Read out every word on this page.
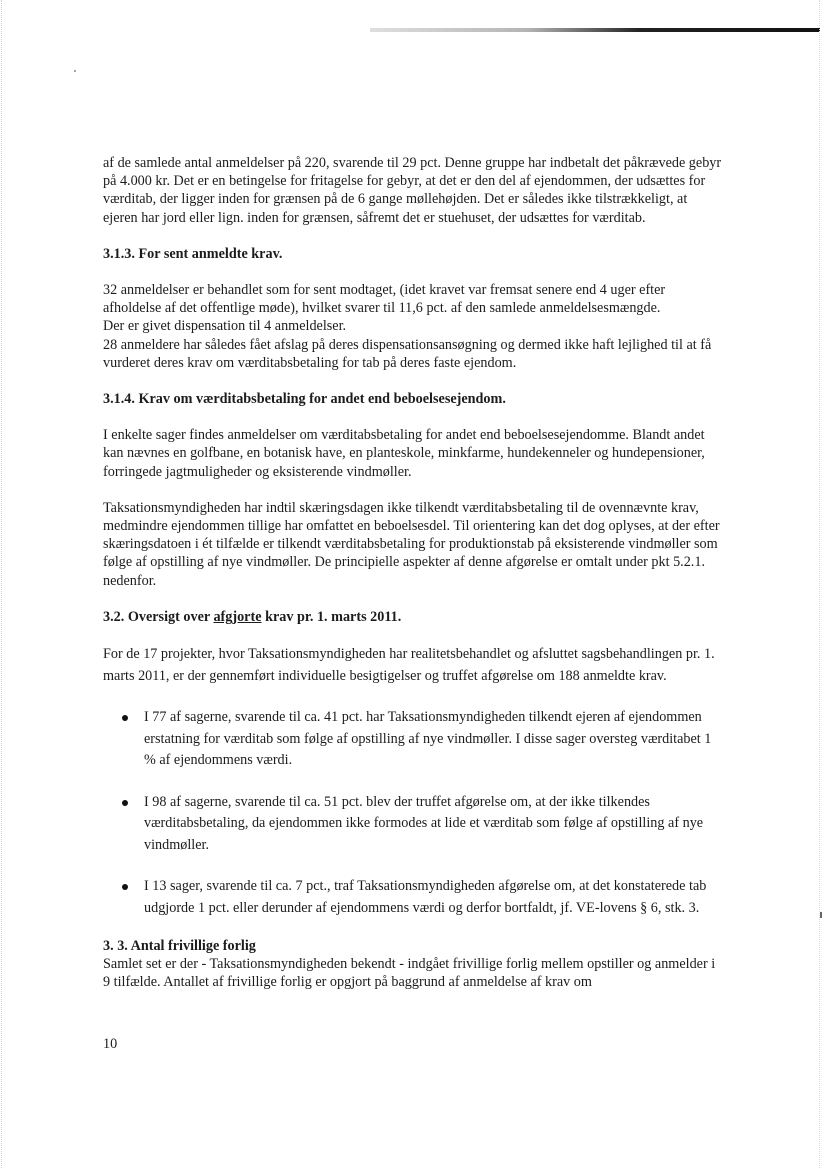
af de samlede antal anmeldelser på 220, svarende til 29 pct. Denne gruppe har indbetalt det påkrævede gebyr på 4.000 kr. Det er en betingelse for fritagelse for gebyr, at det er den del af ejendommen, der udsættes for værditab, der ligger inden for grænsen på de 6 gange møllehøjden. Det er således ikke tilstrækkeligt, at ejeren har jord eller lign. inden for grænsen, såfremt det er stuehuset, der udsættes for værditab.

3.1.3. For sent anmeldte krav.

32 anmeldelser er behandlet som for sent modtaget, (idet kravet var fremsat senere end 4 uger efter afholdelse af det offentlige møde), hvilket svarer til 11,6 pct. af den samlede anmeldelsesmængde.

Der er givet dispensation til 4 anmeldelser.

28 anmeldere har således fået afslag på deres dispensationsansøgning og dermed ikke haft lejlighed til at få vurderet deres krav om værditabsbetaling for tab på deres faste ejendom.

3.1.4. Krav om værditabsbetaling for andet end beboelsesejendom.

I enkelte sager findes anmeldelser om værditabsbetaling for andet end beboelsesejendomme. Blandt andet kan nævnes en golfbane, en botanisk have, en planteskole, minkfarme, hundekenneler og hundepensioner, forringede jagtmuligheder og eksisterende vindmøller.

Taksationsmyndigheden har indtil skæringsdagen ikke tilkendt værditabsbetaling til de ovennævnte krav, medmindre ejendommen tillige har omfattet en beboelsesdel. Til orientering kan det dog oplyses, at der efter skæringsdatoen i ét tilfælde er tilkendt værditabsbetaling for produktionstab på eksisterende vindmøller som følge af opstilling af nye vindmøller. De principielle aspekter af denne afgørelse er omtalt under pkt 5.2.1. nedenfor.

3.2. Oversigt over afgjorte krav pr. 1. marts 2011.

For de 17 projekter, hvor Taksationsmyndigheden har realitetsbehandlet og afsluttet sagsbehandlingen pr. 1. marts 2011, er der gennemført individuelle besigtigelser og truffet afgørelse om 188 anmeldte krav.

I 77 af sagerne, svarende til ca. 41 pct. har Taksationsmyndigheden tilkendt ejeren af ejendommen erstatning for værditab som følge af opstilling af nye vindmøller. I disse sager oversteg værditabet 1 % af ejendommens værdi.
I 98 af sagerne, svarende til ca. 51 pct. blev der truffet afgørelse om, at der ikke tilkendes værditabsbetaling, da ejendommen ikke formodes at lide et værditab som følge af opstilling af nye vindmøller.
I 13 sager, svarende til ca. 7 pct., traf Taksationsmyndigheden afgørelse om, at det konstaterede tab udgjorde 1 pct. eller derunder af ejendommens værdi og derfor bortfaldt, jf. VE-lovens § 6, stk. 3.
3. 3. Antal frivillige forlig

Samlet set er der - Taksationsmyndigheden bekendt - indgået frivillige forlig mellem opstiller og anmelder i 9 tilfælde. Antallet af frivillige forlig er opgjort på baggrund af anmeldelse af krav om

10
